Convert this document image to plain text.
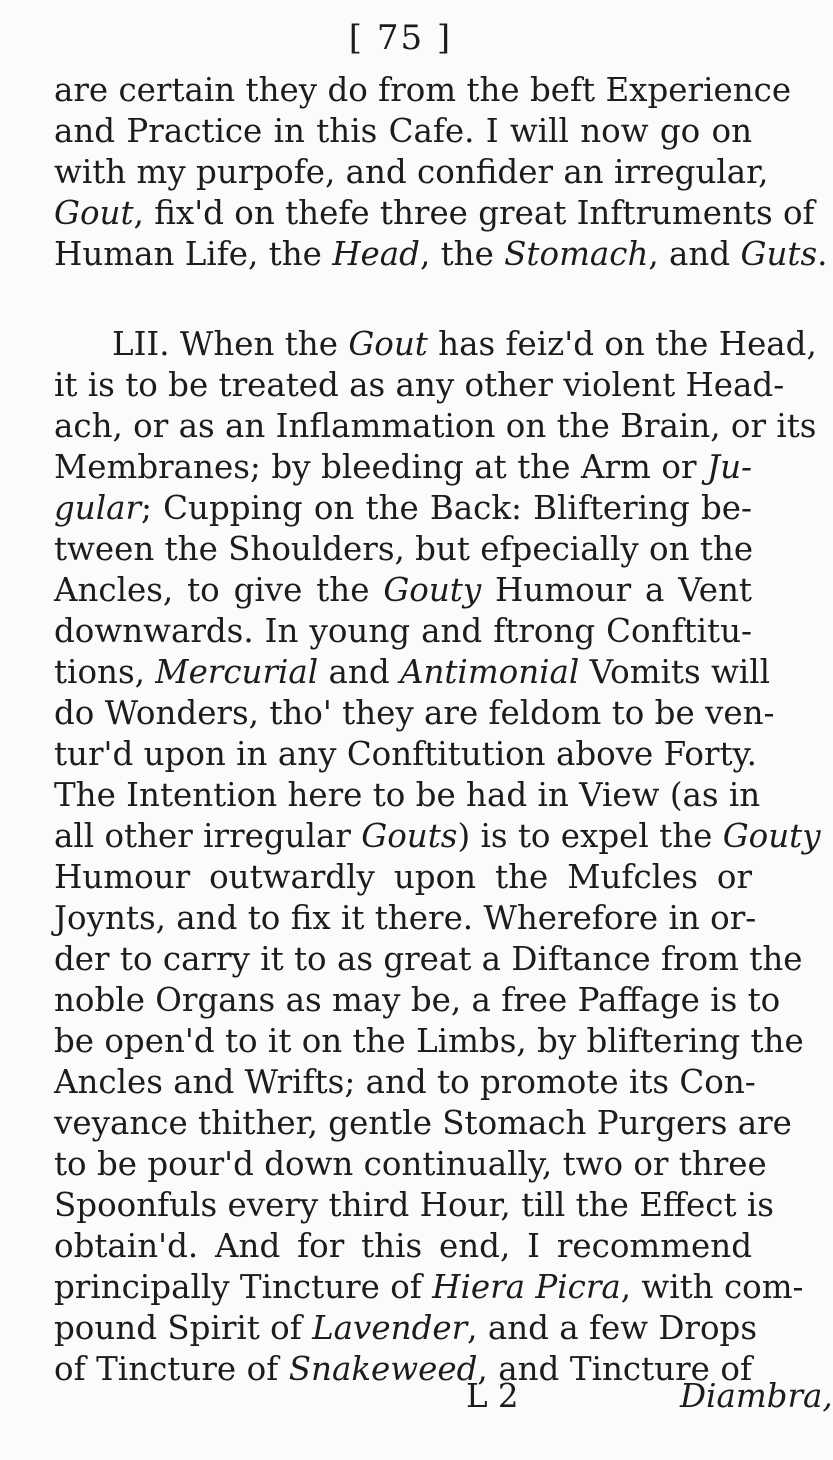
[ 75 ]
are certain they do from the beft Experience
and Practice in this Cafe. I will now go on
with my purpofe, and confider an irregular,
Gout, fix'd on thefe three great Inftruments of
Human Life, the Head, the Stomach, and Guts.
LII. When the Gout has feiz'd on the Head,
it is to be treated as any other violent Head-
ach, or as an Inflammation on the Brain, or its
Membranes; by bleeding at the Arm or Ju-
gular; Cupping on the Back: Bliftering be-
tween the Shoulders, but efpecially on the
Ancles, to give the Gouty Humour a Vent
downwards. In young and ftrong Conftitu-
tions, Mercurial and Antimonial Vomits will
do Wonders, tho' they are feldom to be ven-
tur'd upon in any Conftitution above Forty.
The Intention here to be had in View (as in
all other irregular Gouts) is to expel the Gouty
Humour outwardly upon the Mufcles or
Joynts, and to fix it there. Wherefore in or-
der to carry it to as great a Diftance from the
noble Organs as may be, a free Paffage is to
be open'd to it on the Limbs, by bliftering the
Ancles and Wrifts; and to promote its Con-
veyance thither, gentle Stomach Purgers are
to be pour'd down continually, two or three
Spoonfuls every third Hour, till the Effect is
obtain'd. And for this end, I recommend
principally Tincture of Hiera Picra, with com-
pound Spirit of Lavender, and a few Drops
of Tincture of Snakeweed, and Tincture of
L 2	Diambra,
